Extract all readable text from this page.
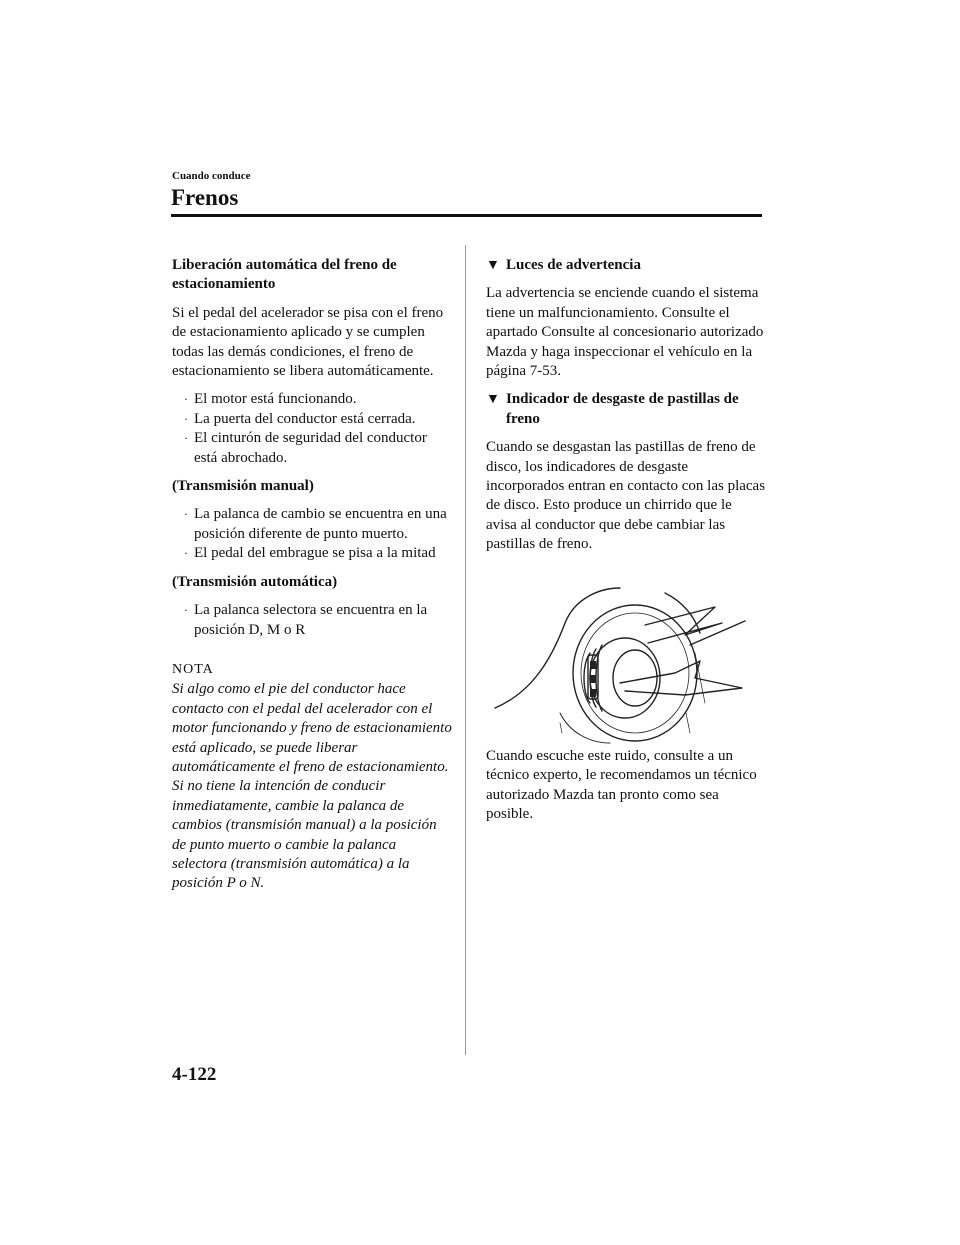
Cuando conduce
Frenos
Liberación automática del freno de estacionamiento

Si el pedal del acelerador se pisa con el freno de estacionamiento aplicado y se cumplen todas las demás condiciones, el freno de estacionamiento se libera automáticamente.

· El motor está funcionando.
· La puerta del conductor está cerrada.
· El cinturón de seguridad del conductor está abrochado.
(Transmisión manual)
· La palanca de cambio se encuentra en una posición diferente de punto muerto.
· El pedal del embrague se pisa a la mitad
(Transmisión automática)
· La palanca selectora se encuentra en la posición D, M o R
NOTA

Si algo como el pie del conductor hace contacto con el pedal del acelerador con el motor funcionando y freno de estacionamiento está aplicado, se puede liberar automáticamente el freno de estacionamiento. Si no tiene la intención de conducir inmediatamente, cambie la palanca de cambios (transmisión manual) a la posición de punto muerto o cambie la palanca selectora (transmisión automática) a la posición P o N.

▼ Luces de advertencia

La advertencia se enciende cuando el sistema tiene un malfuncionamiento. Consulte el apartado Consulte al concesionario autorizado Mazda y haga inspeccionar el vehículo en la página 7-53.

▼ Indicador de desgaste de pastillas de freno

Cuando se desgastan las pastillas de freno de disco, los indicadores de desgaste incorporados entran en contacto con las placas de disco. Esto produce un chirrido que le avisa al conductor que debe cambiar las pastillas de freno.

Cuando escuche este ruido, consulte a un técnico experto, le recomendamos un técnico autorizado Mazda tan pronto como sea posible.

4-122
